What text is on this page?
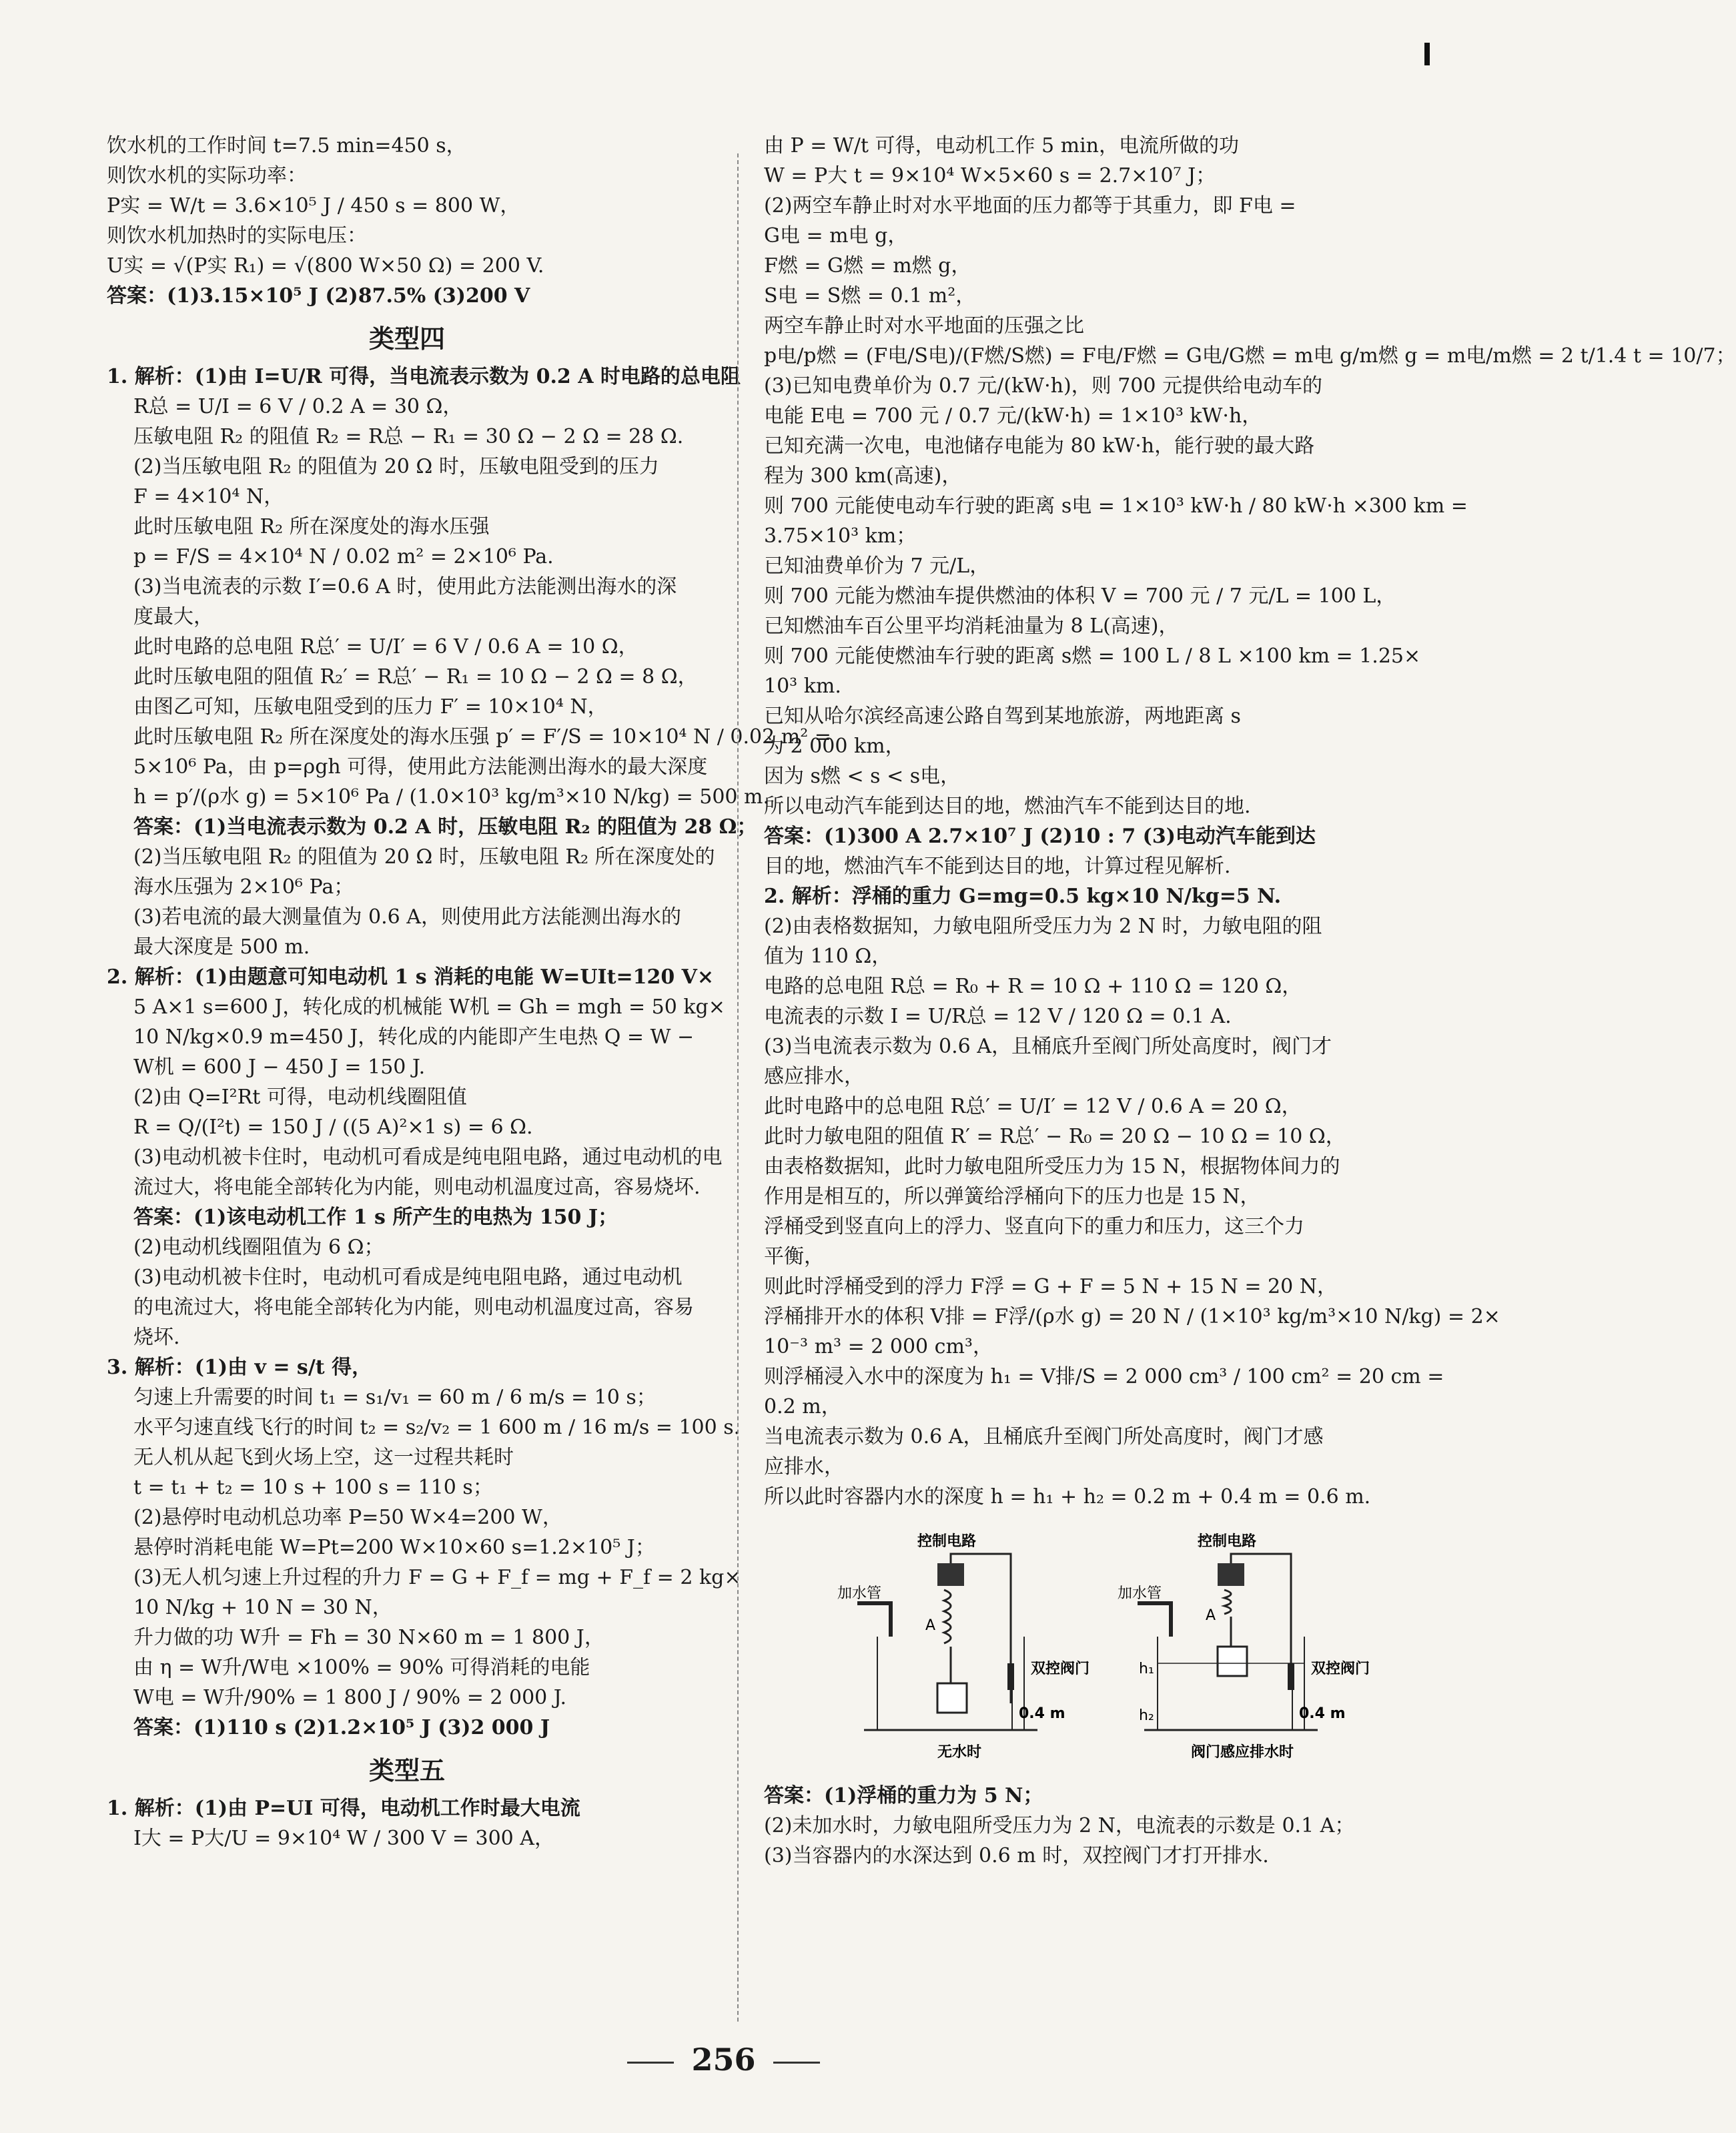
饮水机的工作时间 t=7.5 min=450 s，
则饮水机的实际功率：
P实 = W/t = 3.6×10⁵ J / 450 s = 800 W，
则饮水机加热时的实际电压：
U实 = √(P实 R₁) = √(800 W×50 Ω) = 200 V.
答案：(1)3.15×10⁵ J (2)87.5% (3)200 V
类型四
1. 解析：(1)由 I=U/R 可得，当电流表示数为 0.2 A 时电路的总电阻
R总 = U/I = 6 V / 0.2 A = 30 Ω，
压敏电阻 R₂ 的阻值 R₂ = R总 − R₁ = 30 Ω − 2 Ω = 28 Ω.
(2)当压敏电阻 R₂ 的阻值为 20 Ω 时，压敏电阻受到的压力
F = 4×10⁴ N，
此时压敏电阻 R₂ 所在深度处的海水压强
p = F/S = 4×10⁴ N / 0.02 m² = 2×10⁶ Pa.
(3)当电流表的示数 I′=0.6 A 时，使用此方法能测出海水的深
度最大，
此时电路的总电阻 R总′ = U/I′ = 6 V / 0.6 A = 10 Ω，
此时压敏电阻的阻值 R₂′ = R总′ − R₁ = 10 Ω − 2 Ω = 8 Ω，
由图乙可知，压敏电阻受到的压力 F′ = 10×10⁴ N，
此时压敏电阻 R₂ 所在深度处的海水压强 p′ = F′/S = 10×10⁴ N / 0.02 m² =
5×10⁶ Pa，由 p=ρgh 可得，使用此方法能测出海水的最大深度
h = p′/(ρ水 g) = 5×10⁶ Pa / (1.0×10³ kg/m³×10 N/kg) = 500 m.
答案：(1)当电流表示数为 0.2 A 时，压敏电阻 R₂ 的阻值为 28 Ω；
(2)当压敏电阻 R₂ 的阻值为 20 Ω 时，压敏电阻 R₂ 所在深度处的
海水压强为 2×10⁶ Pa；
(3)若电流的最大测量值为 0.6 A，则使用此方法能测出海水的
最大深度是 500 m.
2. 解析：(1)由题意可知电动机 1 s 消耗的电能 W=UIt=120 V×
5 A×1 s=600 J，转化成的机械能 W机 = Gh = mgh = 50 kg×
10 N/kg×0.9 m=450 J，转化成的内能即产生电热 Q = W −
W机 = 600 J − 450 J = 150 J.
(2)由 Q=I²Rt 可得，电动机线圈阻值
R = Q/(I²t) = 150 J / ((5 A)²×1 s) = 6 Ω.
(3)电动机被卡住时，电动机可看成是纯电阻电路，通过电动机的电
流过大，将电能全部转化为内能，则电动机温度过高，容易烧坏.
答案：(1)该电动机工作 1 s 所产生的电热为 150 J；
(2)电动机线圈阻值为 6 Ω；
(3)电动机被卡住时，电动机可看成是纯电阻电路，通过电动机
的电流过大，将电能全部转化为内能，则电动机温度过高，容易
烧坏.
3. 解析：(1)由 v = s/t 得，
匀速上升需要的时间 t₁ = s₁/v₁ = 60 m / 6 m/s = 10 s；
水平匀速直线飞行的时间 t₂ = s₂/v₂ = 1 600 m / 16 m/s = 100 s.
无人机从起飞到火场上空，这一过程共耗时
t = t₁ + t₂ = 10 s + 100 s = 110 s；
(2)悬停时电动机总功率 P=50 W×4=200 W，
悬停时消耗电能 W=Pt=200 W×10×60 s=1.2×10⁵ J；
(3)无人机匀速上升过程的升力 F = G + F_f = mg + F_f = 2 kg×
10 N/kg + 10 N = 30 N，
升力做的功 W升 = Fh = 30 N×60 m = 1 800 J，
由 η = W升/W电 ×100% = 90% 可得消耗的电能
W电 = W升/90% = 1 800 J / 90% = 2 000 J.
答案：(1)110 s (2)1.2×10⁵ J (3)2 000 J
类型五
1. 解析：(1)由 P=UI 可得，电动机工作时最大电流
I大 = P大/U = 9×10⁴ W / 300 V = 300 A，
由 P = W/t 可得，电动机工作 5 min，电流所做的功
W = P大 t = 9×10⁴ W×5×60 s = 2.7×10⁷ J；
(2)两空车静止时对水平地面的压力都等于其重力，即 F电 =
G电 = m电 g，
F燃 = G燃 = m燃 g，
S电 = S燃 = 0.1 m²，
两空车静止时对水平地面的压强之比
p电/p燃 = (F电/S电)/(F燃/S燃) = F电/F燃 = G电/G燃 = m电 g/m燃 g = m电/m燃 = 2 t/1.4 t = 10/7；
(3)已知电费单价为 0.7 元/(kW·h)，则 700 元提供给电动车的
电能 E电 = 700 元 / 0.7 元/(kW·h) = 1×10³ kW·h，
已知充满一次电，电池储存电能为 80 kW·h，能行驶的最大路
程为 300 km(高速)，
则 700 元能使电动车行驶的距离 s电 = 1×10³ kW·h / 80 kW·h ×300 km =
3.75×10³ km；
已知油费单价为 7 元/L，
则 700 元能为燃油车提供燃油的体积 V = 700 元 / 7 元/L = 100 L，
已知燃油车百公里平均消耗油量为 8 L(高速)，
则 700 元能使燃油车行驶的距离 s燃 = 100 L / 8 L ×100 km = 1.25×
10³ km.
已知从哈尔滨经高速公路自驾到某地旅游，两地距离 s
为 2 000 km，
因为 s燃 < s < s电，
所以电动汽车能到达目的地，燃油汽车不能到达目的地.
答案：(1)300 A 2.7×10⁷ J (2)10 : 7 (3)电动汽车能到达
目的地，燃油汽车不能到达目的地，计算过程见解析.
2. 解析：浮桶的重力 G=mg=0.5 kg×10 N/kg=5 N.
(2)由表格数据知，力敏电阻所受压力为 2 N 时，力敏电阻的阻
值为 110 Ω，
电路的总电阻 R总 = R₀ + R = 10 Ω + 110 Ω = 120 Ω，
电流表的示数 I = U/R总 = 12 V / 120 Ω = 0.1 A.
(3)当电流表示数为 0.6 A，且桶底升至阀门所处高度时，阀门才
感应排水，
此时电路中的总电阻 R总′ = U/I′ = 12 V / 0.6 A = 20 Ω，
此时力敏电阻的阻值 R′ = R总′ − R₀ = 20 Ω − 10 Ω = 10 Ω，
由表格数据知，此时力敏电阻所受压力为 15 N，根据物体间力的
作用是相互的，所以弹簧给浮桶向下的压力也是 15 N，
浮桶受到竖直向上的浮力、竖直向下的重力和压力，这三个力
平衡，
则此时浮桶受到的浮力 F浮 = G + F = 5 N + 15 N = 20 N，
浮桶排开水的体积 V排 = F浮/(ρ水 g) = 20 N / (1×10³ kg/m³×10 N/kg) = 2×
10⁻³ m³ = 2 000 cm³，
则浮桶浸入水中的深度为 h₁ = V排/S = 2 000 cm³ / 100 cm² = 20 cm =
0.2 m，
当电流表示数为 0.6 A，且桶底升至阀门所处高度时，阀门才感
应排水，
所以此时容器内水的深度 h = h₁ + h₂ = 0.2 m + 0.4 m = 0.6 m.
控制电路
加水管
A
双控阀门
0.4 m
无水时
控制电路
加水管
A
双控阀门
h₁
h₂	0.4 m
阀门感应排水时
答案：(1)浮桶的重力为 5 N；
(2)未加水时，力敏电阻所受压力为 2 N，电流表的示数是 0.1 A；
(3)当容器内的水深达到 0.6 m 时，双控阀门才打开排水.
256
